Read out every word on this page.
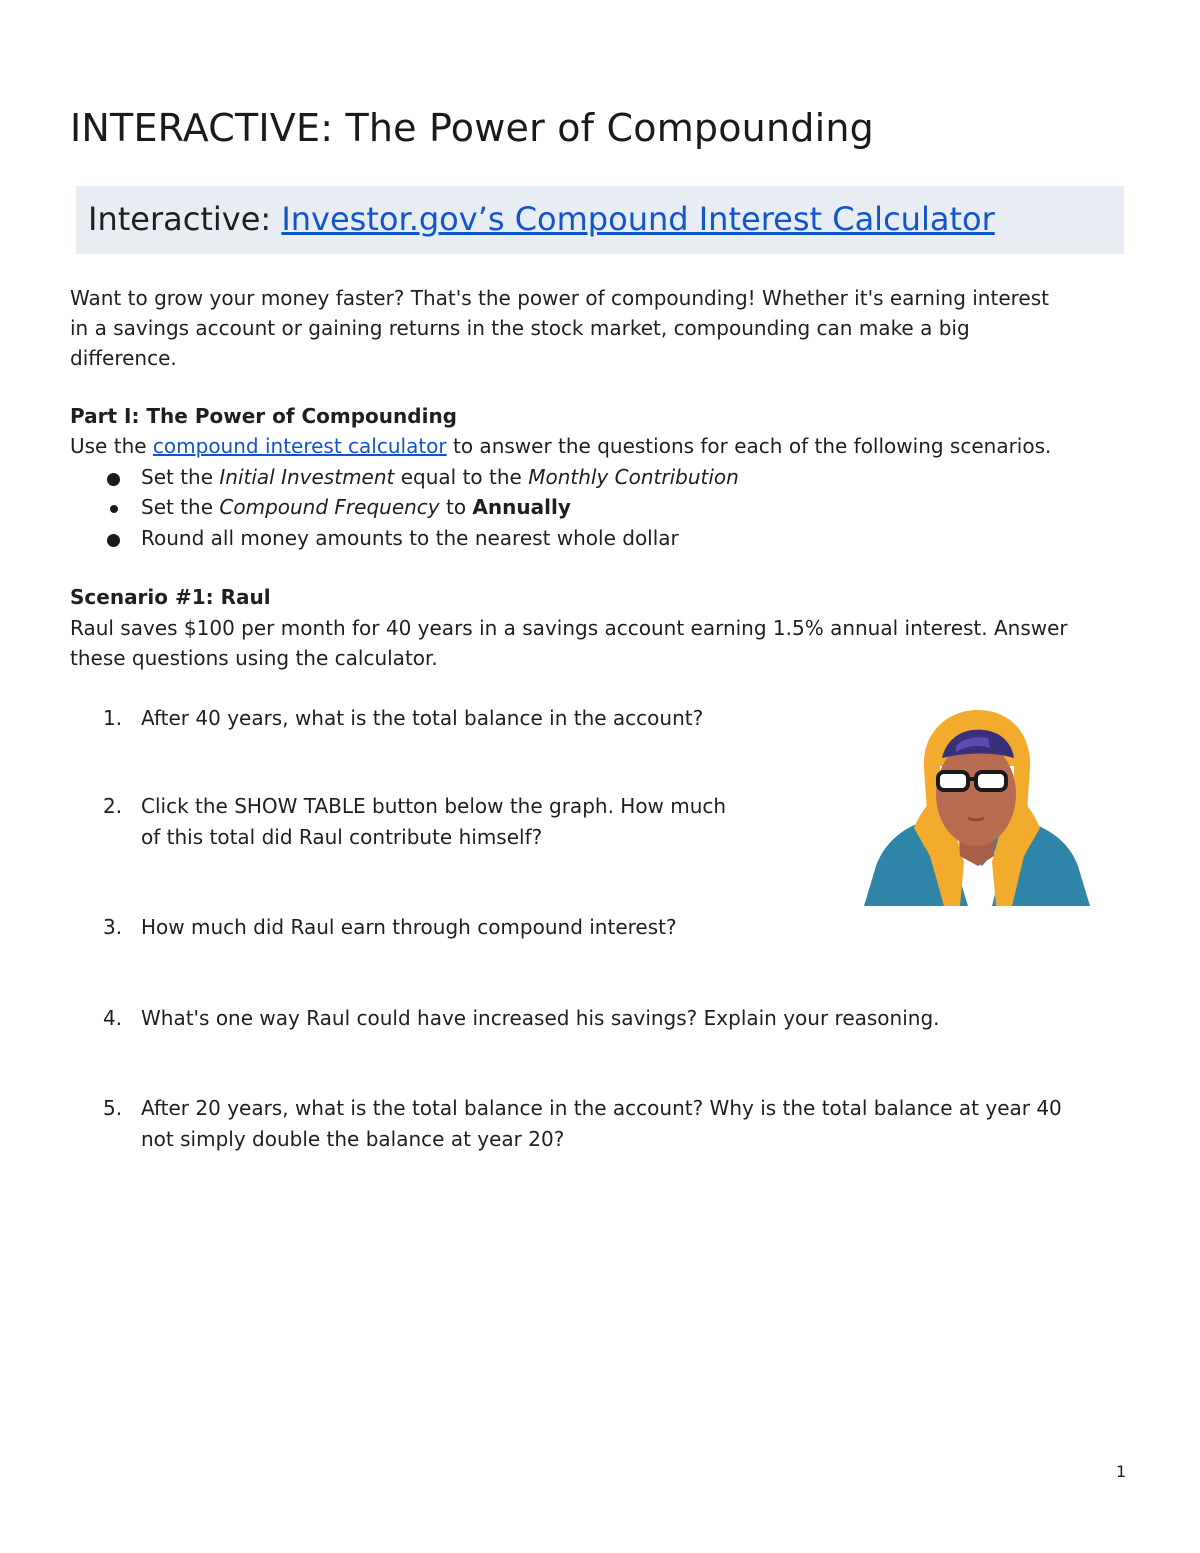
INTERACTIVE: The Power of Compounding
Interactive: Investor.gov’s Compound Interest Calculator
Want to grow your money faster? That's the power of compounding! Whether it's earning interest
in a savings account or gaining returns in the stock market, compounding can make a big
difference.
Part I: The Power of Compounding
Use the compound interest calculator to answer the questions for each of the following scenarios.
Set the Initial Investment equal to the Monthly Contribution
Set the Compound Frequency to Annually
Round all money amounts to the nearest whole dollar
Scenario #1: Raul
Raul saves $100 per month for 40 years in a savings account earning 1.5% annual interest. Answer
these questions using the calculator.
1. After 40 years, what is the total balance in the account?
2. Click the SHOW TABLE button below the graph. How much
of this total did Raul contribute himself?
3. How much did Raul earn through compound interest?
4. What's one way Raul could have increased his savings? Explain your reasoning.
5. After 20 years, what is the total balance in the account? Why is the total balance at year 40
not simply double the balance at year 20?
1
